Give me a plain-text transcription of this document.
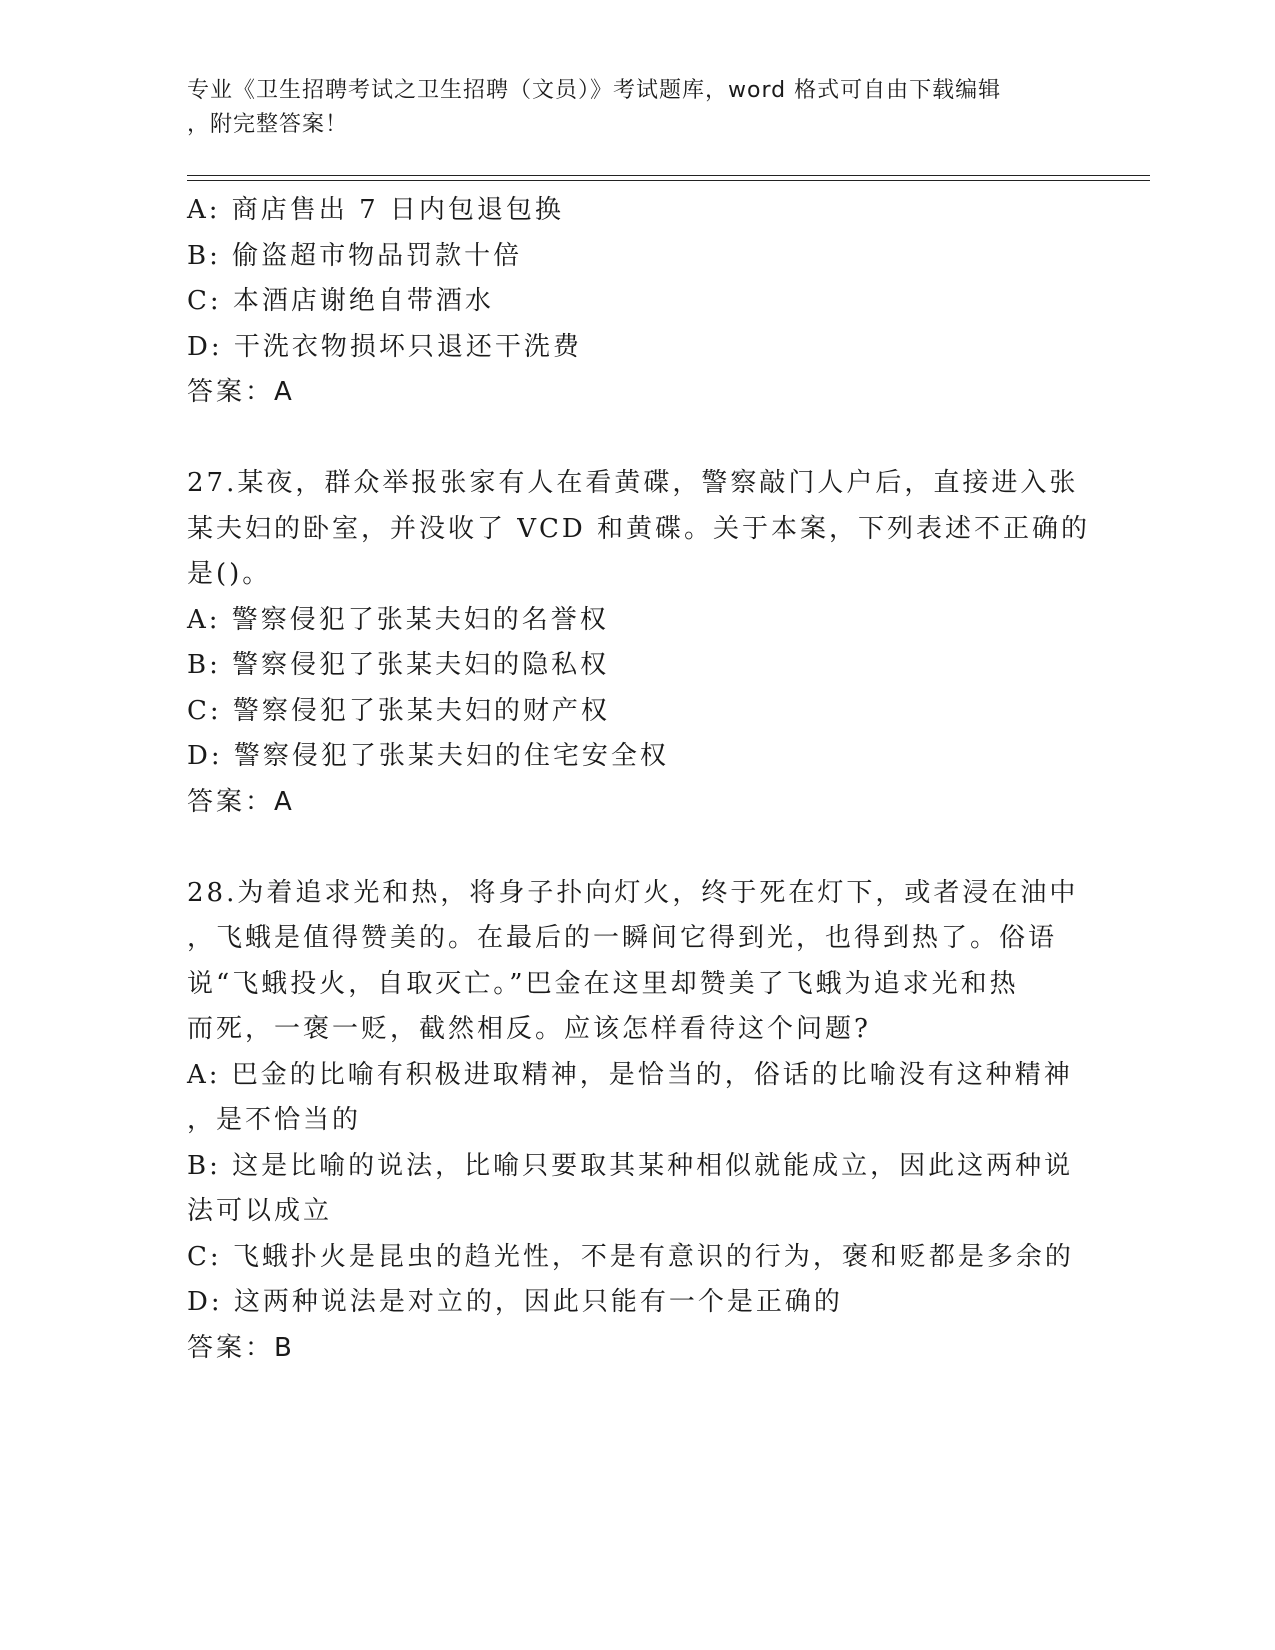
专业《卫生招聘考试之卫生招聘（文员）》考试题库，word 格式可自由下载编辑
，附完整答案！
A: 商店售出 7 日内包退包换
B: 偷盗超市物品罚款十倍
C: 本酒店谢绝自带酒水
D: 干洗衣物损坏只退还干洗费
答案：A
27.某夜，群众举报张家有人在看黄碟，警察敲门人户后，直接进入张
某夫妇的卧室，并没收了 VCD 和黄碟。关于本案，下列表述不正确的
是()。
A: 警察侵犯了张某夫妇的名誉权
B: 警察侵犯了张某夫妇的隐私权
C: 警察侵犯了张某夫妇的财产权
D: 警察侵犯了张某夫妇的住宅安全权
答案：A
28.为着追求光和热，将身子扑向灯火，终于死在灯下，或者浸在油中
，飞蛾是值得赞美的。在最后的一瞬间它得到光，也得到热了。俗语
说“飞蛾投火，自取灭亡。”巴金在这里却赞美了飞蛾为追求光和热
而死，一褒一贬，截然相反。应该怎样看待这个问题?
A: 巴金的比喻有积极进取精神，是恰当的，俗话的比喻没有这种精神
，是不恰当的
B: 这是比喻的说法，比喻只要取其某种相似就能成立，因此这两种说
法可以成立
C: 飞蛾扑火是昆虫的趋光性，不是有意识的行为，褒和贬都是多余的
D: 这两种说法是对立的，因此只能有一个是正确的
答案：B
